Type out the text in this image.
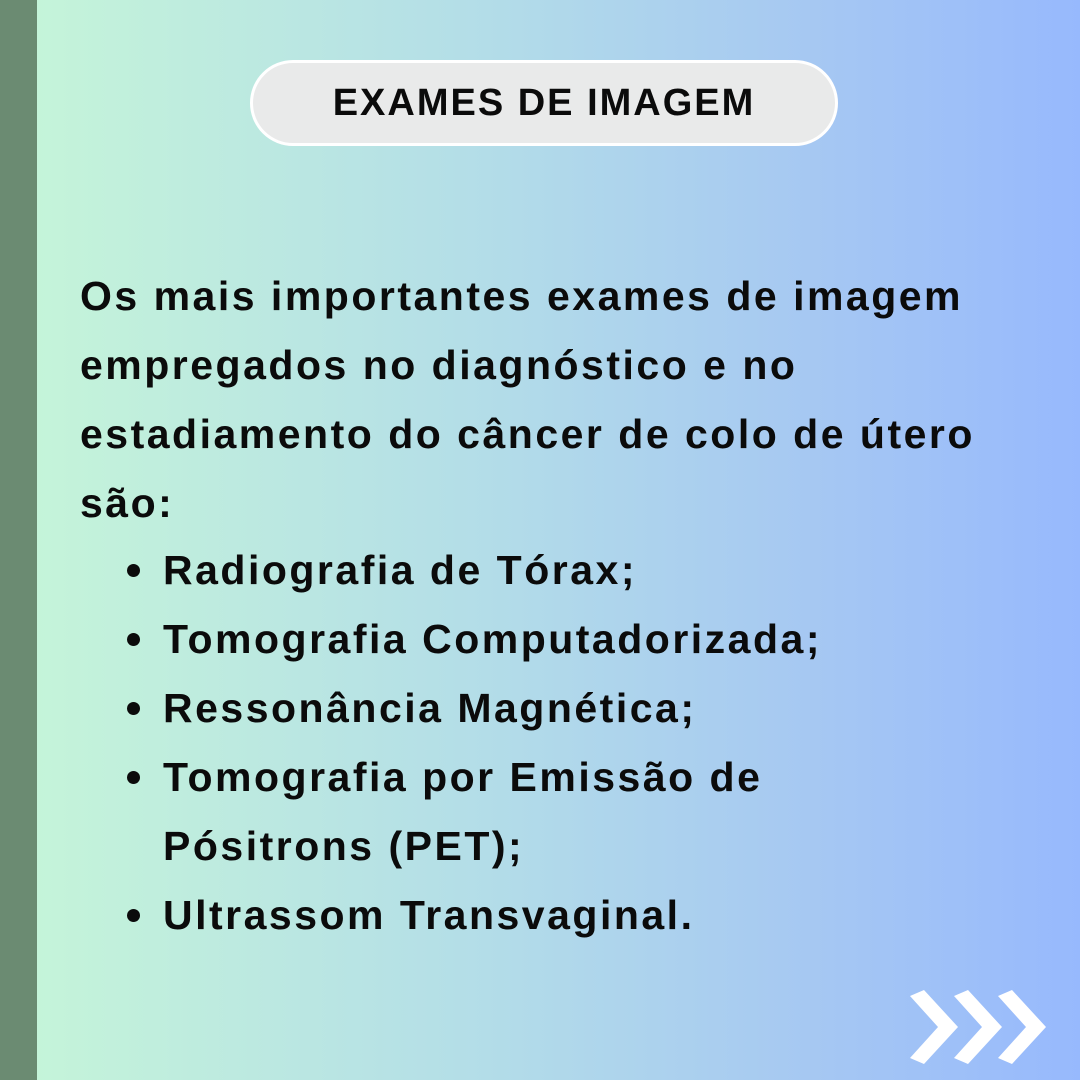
EXAMES DE IMAGEM

Os mais importantes exames de imagem empregados no diagnóstico e no estadiamento do câncer de colo de útero são:

Radiografia de Tórax;
Tomografia Computadorizada;
Ressonância Magnética;
Tomografia por Emissão de Pósitrons (PET);
Ultrassom Transvaginal.
